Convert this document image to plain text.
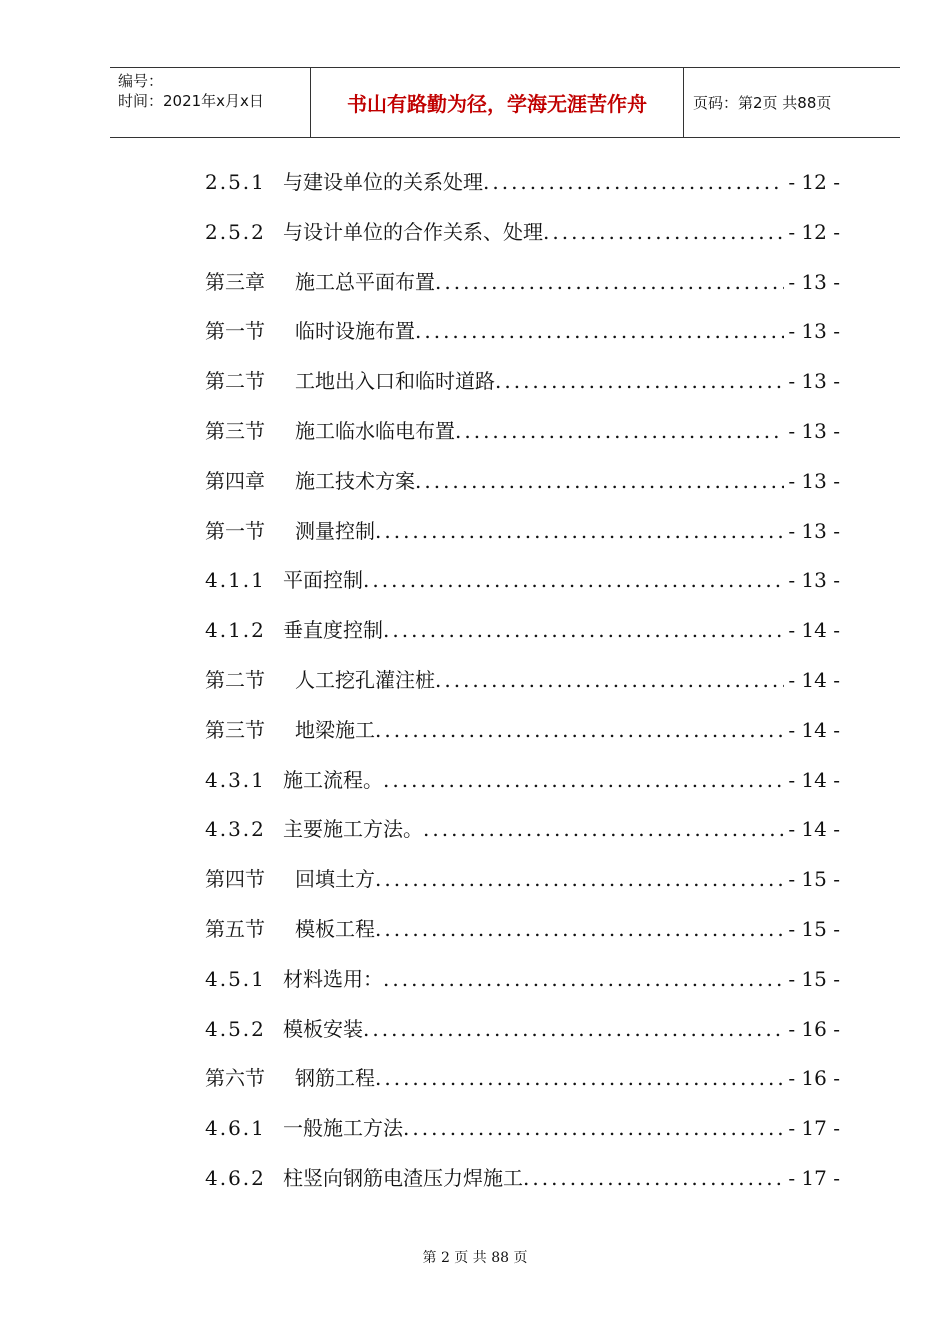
编号：
时间：2021年x月x日	书山有路勤为径，学海无涯苦作舟	页码：第2页 共88页
2.5.1 与建设单位的关系处理 .....	- 12 -
2.5.2 与设计单位的合作关系、处理 .....	- 12 -
第三章	施工总平面布置 .....	- 13 -
第一节	临时设施布置 .....	- 13 -
第二节	工地出入口和临时道路 .....	- 13 -
第三节	施工临水临电布置 .....	- 13 -
第四章	施工技术方案 .....	- 13 -
第一节	测量控制 .....	- 13 -
4.1.1 平面控制 .....	- 13 -
4.1.2 垂直度控制 .....	- 14 -
第二节	人工挖孔灌注桩 .....	- 14 -
第三节	地梁施工 .....	- 14 -
4.3.1 施工流程。 .....	- 14 -
4.3.2 主要施工方法。 .....	- 14 -
第四节	回填土方 .....	- 15 -
第五节	模板工程 .....	- 15 -
4.5.1 材料选用： .....	- 15 -
4.5.2 模板安装 .....	- 16 -
第六节	钢筋工程 .....	- 16 -
4.6.1 一般施工方法 .....	- 17 -
4.6.2 柱竖向钢筋电渣压力焊施工 .....	- 17 -
第 2 页 共 88 页
